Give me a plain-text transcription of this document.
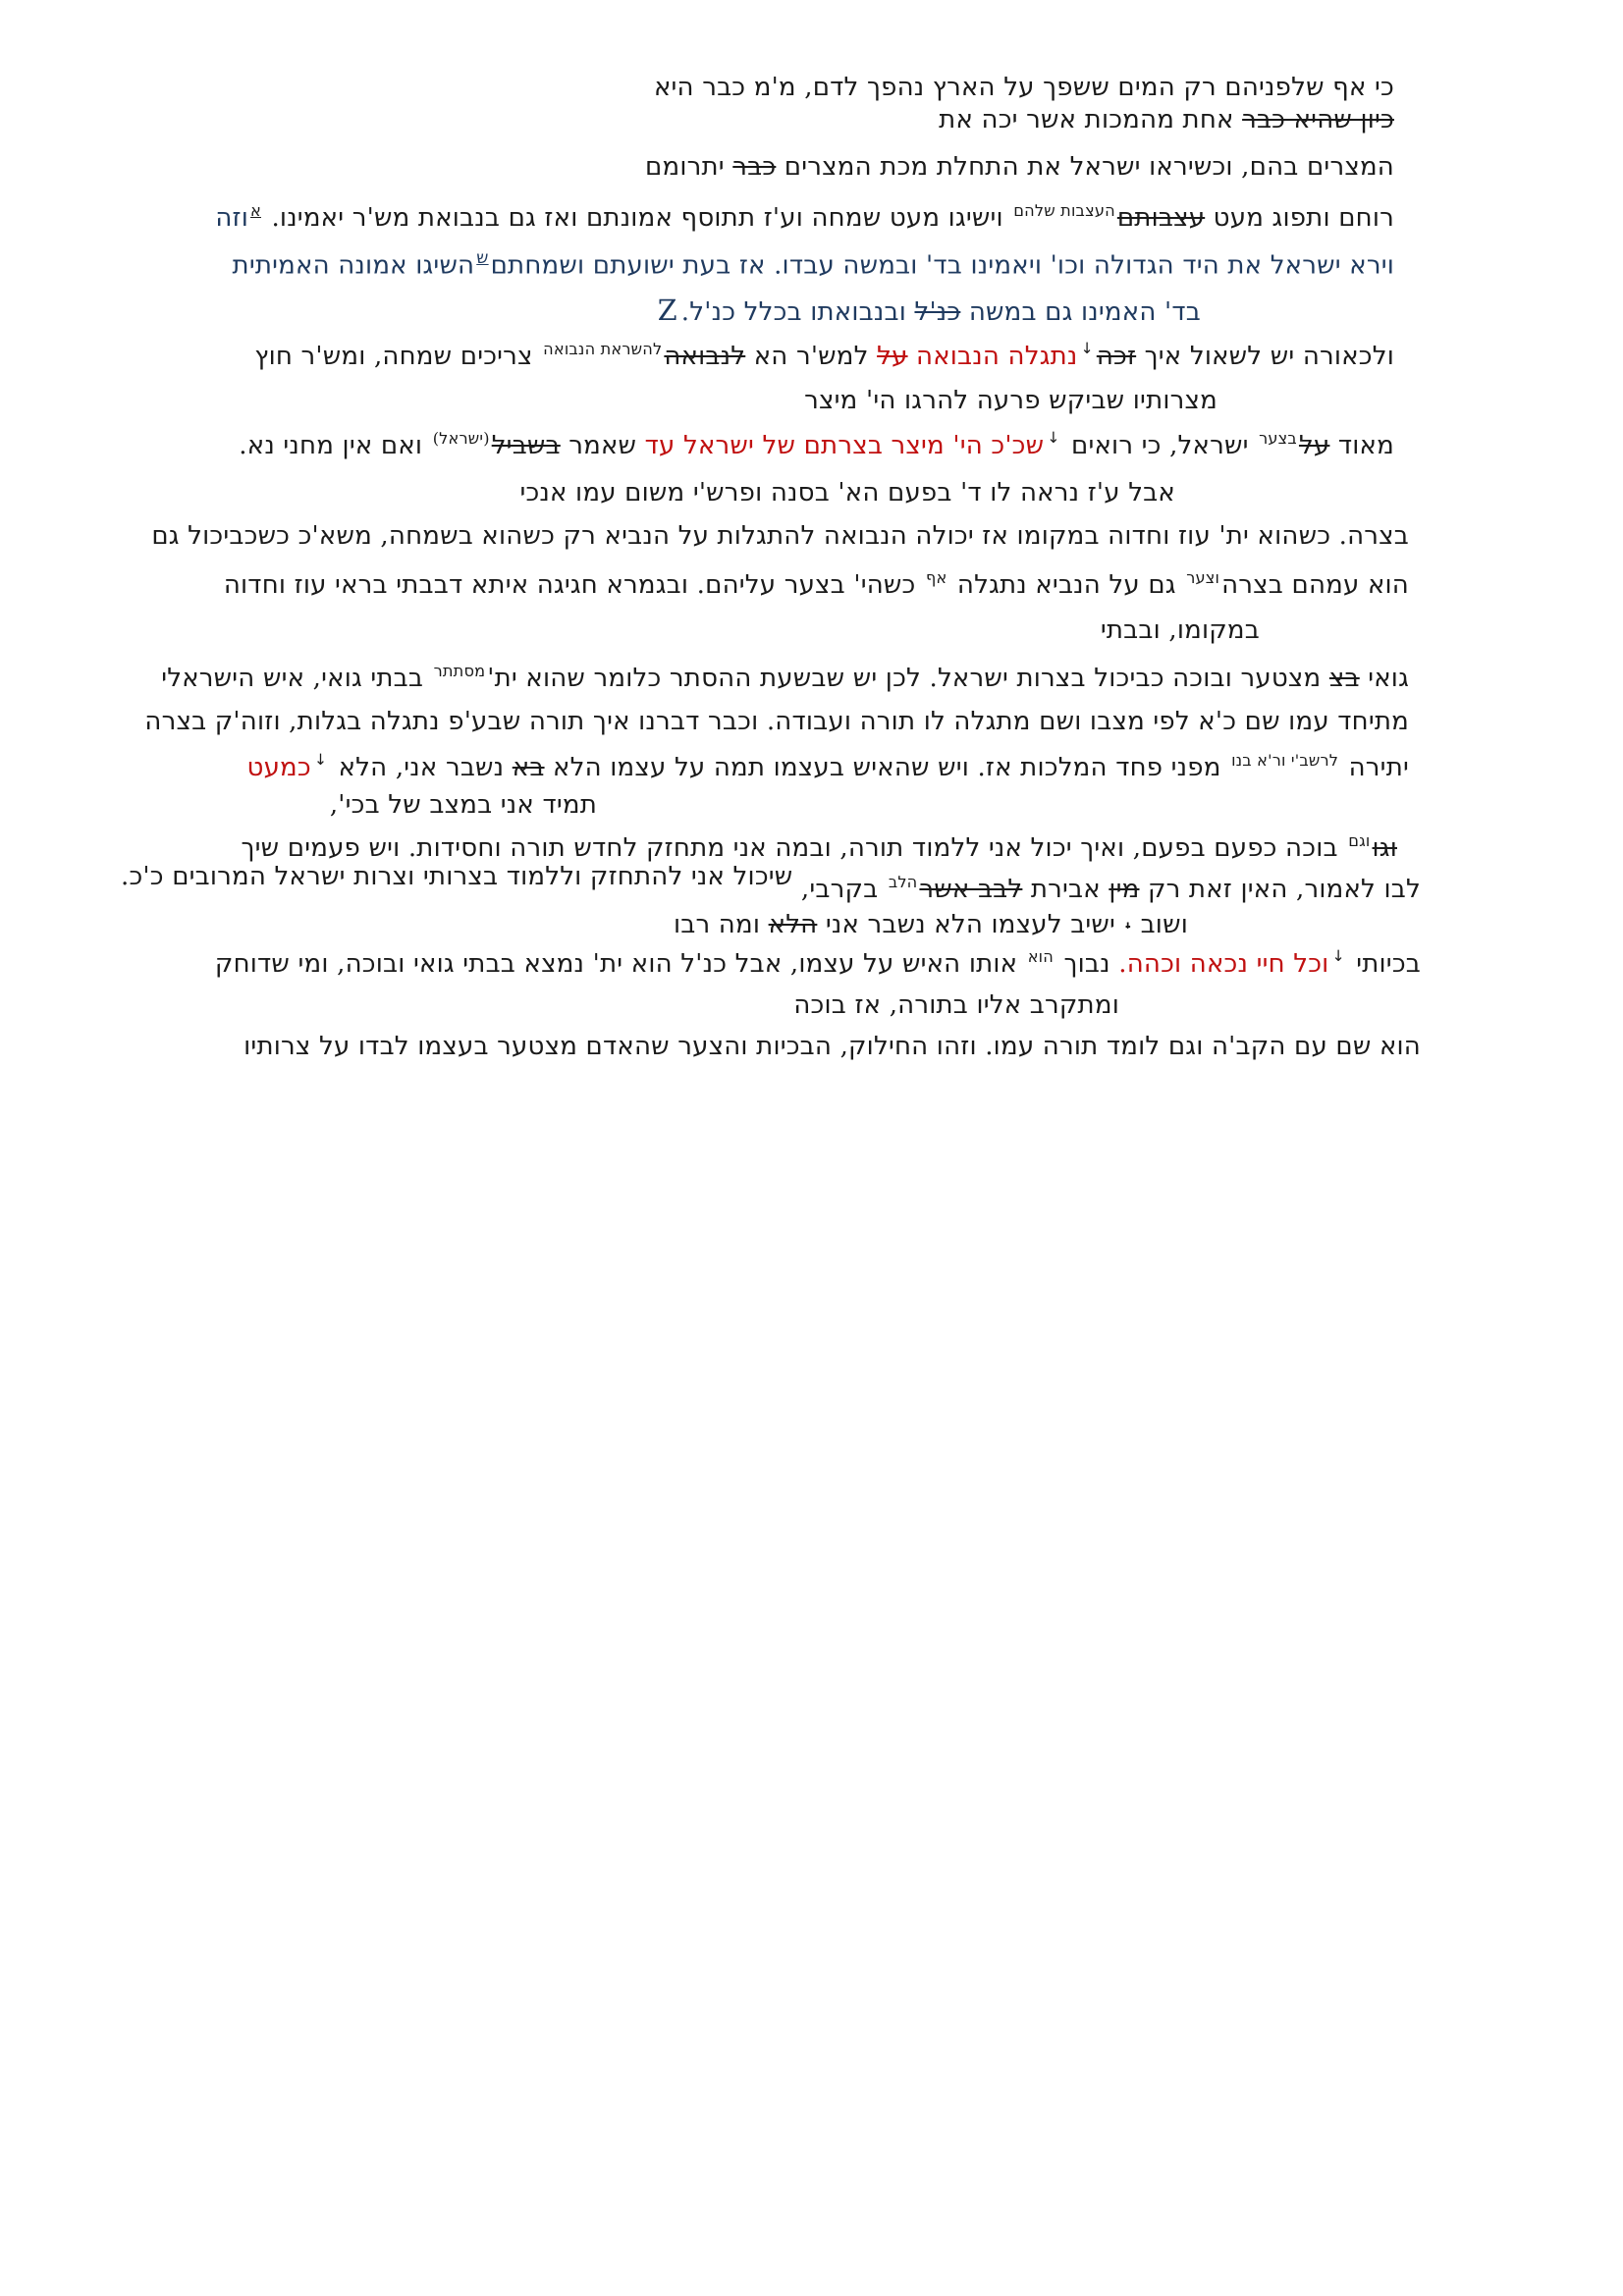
כי אף שלפניהם רק המים ששפך על הארץ נהפך לדם, מ'מ כבר היא
כיון שהיא כבר אחת מהמכות אשר יכה את
המצרים בהם, וכשיראו ישראל את התחלת מכת המצרים כבר יתרומם
רוחם ותפוג מעט עצבותם$^{העצבות שלהם}$ וישיגו מעט שמחה וע'ז תתוסף אמונתם ואז גם בנבואת מש'ר יאמינו. $^א$וזה
וירא ישראל את היד הגדולה וכו' ויאמינו בד' ובמשה עבדו. אז בעת ישועתם ושמחתם$^ש$השיגו אמונה האמיתית
בד' האמינו גם במשה כנ'ל ובנבואתו בכלל כנ'ל.Z
ולכאורה יש לשאול איך זכה↓נתגלה הנבואה על למש'ר הא לנבואה$^{להשראת הנבואה}$ צריכים שמחה, ומש'ר חוץ
מצרותיו שביקש פרעה להרגו הי' מיצר
מאוד על$^{בצער}$ ישראל, כי רואים ↓שכ'כ הי' מיצר בצרתם של ישראל עד שאמר בשביל$^{(ישראל)}$ ואם אין מחני נא.
אבל ע'ז נראה לו ד' בפעם הא' בסנה ופרש'י משום עמו אנכי
בצרה. כשהוא ית' עוז וחדוה במקומו אז יכולה הנבואה להתגלות על הנביא רק כשהוא בשמחה, משא'כ כשכביכול גם
הוא עמהם בצרה$^{וצער}$ גם על הנביא נתגלה $^{אף}$ כשהי' בצער עליהם. ובגמרא חגיגה איתא דבבתי בראי עוז וחדוה
במקומו, ובבתי
גואי בצ מצטער ובוכה כביכול בצרות ישראל. לכן יש שבשעת ההסתר כלומר שהוא $ית'^{מסתתר}$ בבתי גואי, איש הישראלי
מתיחד עמו שם כ'א לפי מצבו ושם מתגלה לו תורה ועבודה. וכבר דברנו איך תורה שבע'פ נתגלה בגלות, וזוה'ק בצרה
יתירה $^{לרשב'י ור'א בנו}$ מפני פחד המלכות אז. ויש שהאיש בעצמו תמה על עצמו הלא בא נשבר אני, הלא ↓כמעט
תמיד אני במצב של בכי',
וגו$^{וגם}$ בוכה כפעם בפעם, ואיך יכול אני ללמוד תורה, ובמה אני מתחזק לחדש תורה וחסידות. ויש פעמים שיך
לבו לאמור, האין זאת רק מין אבירת לבב אשר$^{הלב}$ בקרבי, שיכול אני להתחזק וללמוד בצרותי וצרות ישראל המרובים כ'כ.
ושוב י ישיב לעצמו הלא נשבר אני הלא ומה רבו
בכיותי ↓וכל חיי נכאה וכהה. נבוך $^{הוא}$ אותו האיש על עצמו, אבל כנ'ל הוא ית' נמצא בבתי גואי ובוכה, ומי שדוחק
ומתקרב אליו בתורה, אז בוכה
הוא שם עם הקב'ה וגם לומד תורה עמו. וזהו החילוק, הבכיות והצער שהאדם מצטער בעצמו לבדו על צרותיו
